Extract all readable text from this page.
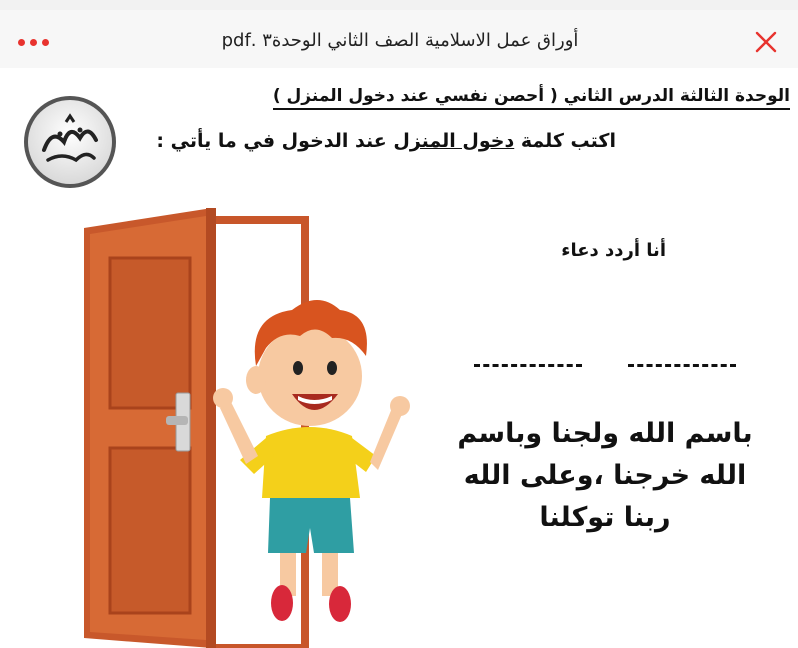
أوراق عمل الاسلامية الصف الثاني الوحدة٣ .pdf
الوحدة الثالثة الدرس الثاني ( أحصن نفسي عند دخول المنزل )
اكتب كلمة دخول المنزل عند الدخول في ما يأتي :
أنا أردد دعاء
باسم الله ولجنا وباسم
الله خرجنا ،وعلى الله
ربنا توكلنا
